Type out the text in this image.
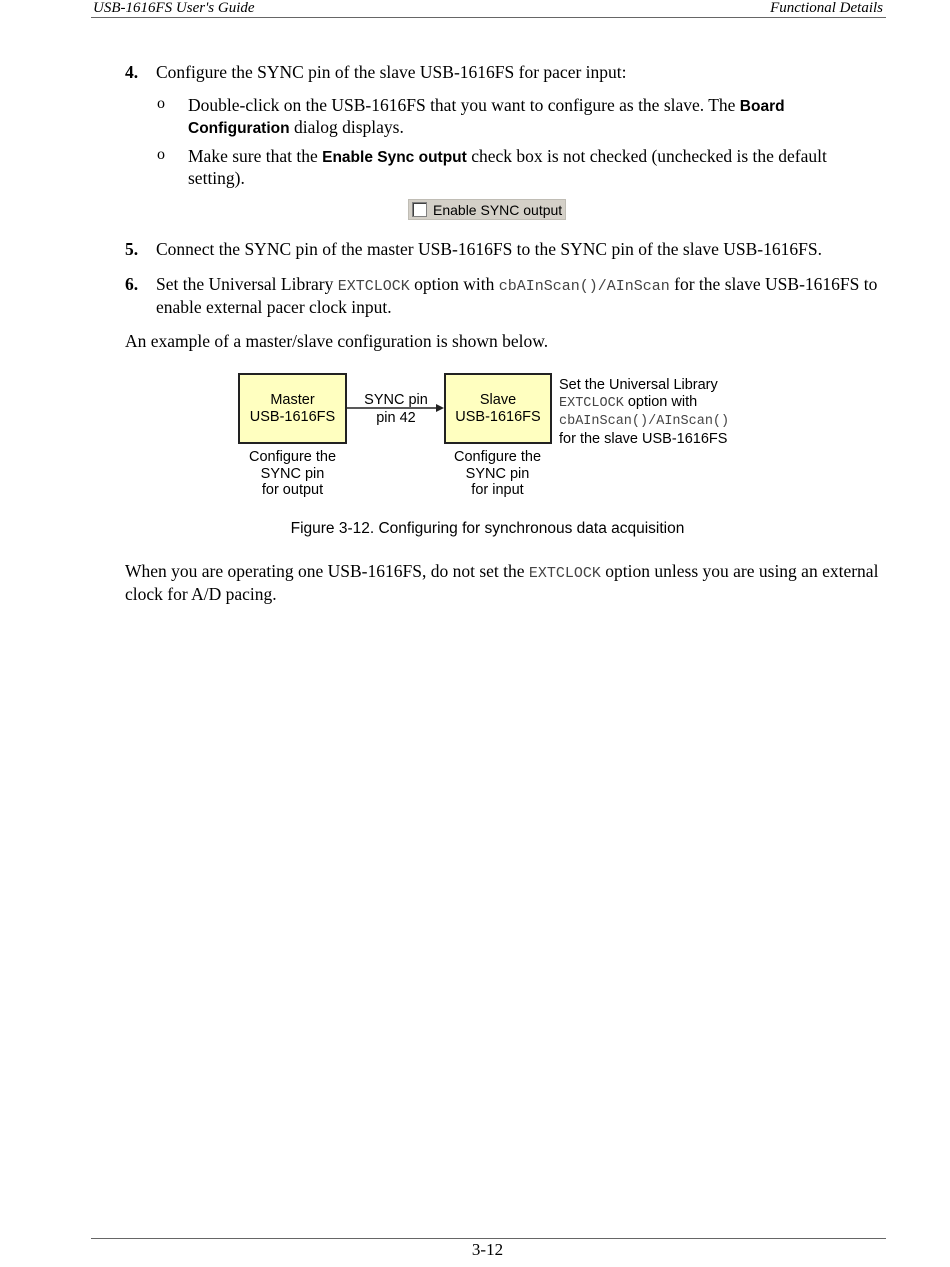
USB-1616FS User's Guide	Functional Details
4. Configure the SYNC pin of the slave USB-1616FS for pacer input:
o Double-click on the USB-1616FS that you want to configure as the slave. The Board Configuration dialog displays.
o Make sure that the Enable Sync output check box is not checked (unchecked is the default setting).
Enable SYNC output
5. Connect the SYNC pin of the master USB-1616FS to the SYNC pin of the slave USB-1616FS.
6. Set the Universal Library EXTCLOCK option with cbAInScan()/AInScan for the slave USB-1616FS to enable external pacer clock input.
An example of a master/slave configuration is shown below.
Master
USB-1616FS
Slave
USB-1616FS
SYNC pin
pin 42
Configure the
SYNC pin
for output
Configure the
SYNC pin
for input
Set the Universal Library
EXTCLOCK option with
cbAInScan()/AInScan()
for the slave USB-1616FS
Figure 3-12. Configuring for synchronous data acquisition
When you are operating one USB-1616FS, do not set the EXTCLOCK option unless you are using an external clock for A/D pacing.
3-12
